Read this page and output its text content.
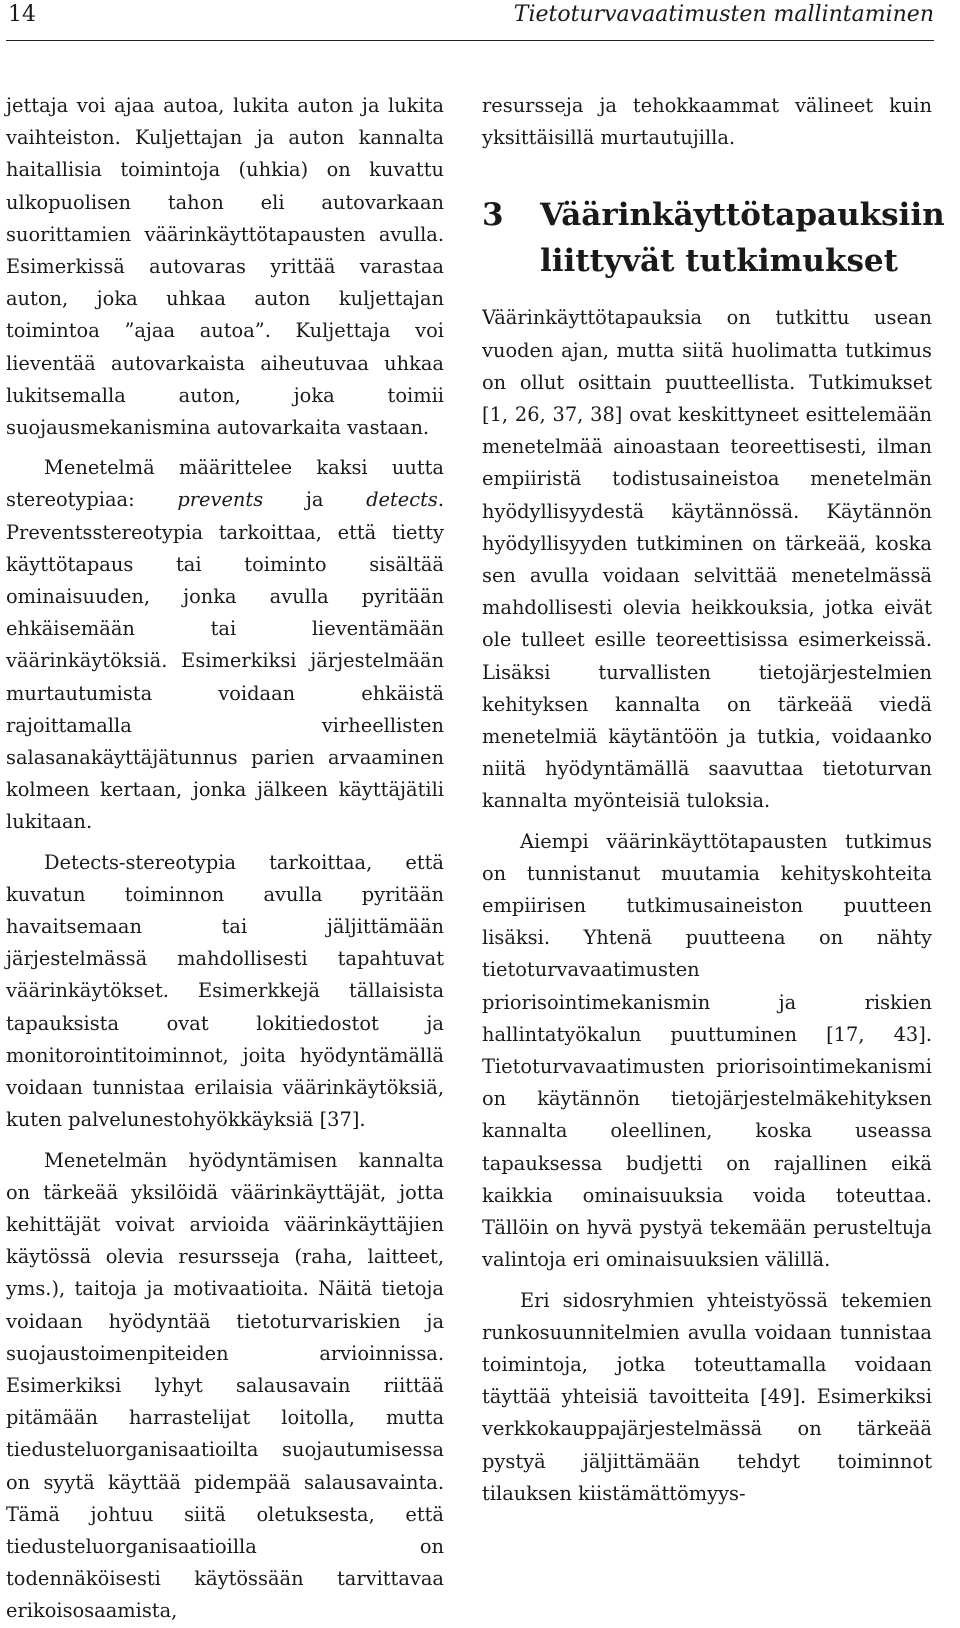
14	Tietoturvavaatimusten mallintaminen

jettaja voi ajaa autoa, lukita auton ja lukita vaihteiston. Kuljettajan ja auton kannalta haitallisia toimintoja (uhkia) on kuvattu ulkopuolisen tahon eli autovarkaan suorittamien väärinkäyttötapausten avulla. Esimerkissä autovaras yrittää varastaa auton, joka uhkaa auton kuljettajan toimintoa ”ajaa autoa”. Kuljettaja voi lieventää autovarkaista aiheutuvaa uhkaa lukitsemalla auton, joka toimii suojausmekanismina autovarkaita vastaan.

Menetelmä määrittelee kaksi uutta stereotypiaa: prevents ja detects. Preventsstereotypia tarkoittaa, että tietty käyttötapaus tai toiminto sisältää ominaisuuden, jonka avulla pyritään ehkäisemään tai lieventämään väärinkäytöksiä. Esimerkiksi järjestelmään murtautumista voidaan ehkäistä rajoittamalla virheellisten salasanakäyttäjätunnus parien arvaaminen kolmeen kertaan, jonka jälkeen käyttäjätili lukitaan.

Detects-stereotypia tarkoittaa, että kuvatun toiminnon avulla pyritään havaitsemaan tai jäljittämään järjestelmässä mahdollisesti tapahtuvat väärinkäytökset. Esimerkkejä tällaisista tapauksista ovat lokitiedostot ja monitorointitoiminnot, joita hyödyntämällä voidaan tunnistaa erilaisia väärinkäytöksiä, kuten palvelunestohyökkäyksiä [37].

Menetelmän hyödyntämisen kannalta on tärkeää yksilöidä väärinkäyttäjät, jotta kehittäjät voivat arvioida väärinkäyttäjien käytössä olevia resursseja (raha, laitteet, yms.), taitoja ja motivaatioita. Näitä tietoja voidaan hyödyntää tietoturvariskien ja suojaustoimenpiteiden arvioinnissa. Esimerkiksi lyhyt salausavain riittää pitämään harrastelijat loitolla, mutta tiedusteluorganisaatioilta suojautumisessa on syytä käyttää pidempää salausavainta. Tämä johtuu siitä oletuksesta, että tiedusteluorganisaatioilla on todennäköisesti käytössään tarvittavaa erikoisosaamista,

resursseja ja tehokkaammat välineet kuin yksittäisillä murtautujilla.

3	Väärinkäyttötapauksiin liittyvät tutkimukset

Väärinkäyttötapauksia on tutkittu usean vuoden ajan, mutta siitä huolimatta tutkimus on ollut osittain puutteellista. Tutkimukset [1, 26, 37, 38] ovat keskittyneet esittelemään menetelmää ainoastaan teoreettisesti, ilman empiiristä todistusaineistoa menetelmän hyödyllisyydestä käytännössä. Käytännön hyödyllisyyden tutkiminen on tärkeää, koska sen avulla voidaan selvittää menetelmässä mahdollisesti olevia heikkouksia, jotka eivät ole tulleet esille teoreettisissa esimerkeissä. Lisäksi turvallisten tietojärjestelmien kehityksen kannalta on tärkeää viedä menetelmiä käytäntöön ja tutkia, voidaanko niitä hyödyntämällä saavuttaa tietoturvan kannalta myönteisiä tuloksia.

Aiempi väärinkäyttötapausten tutkimus on tunnistanut muutamia kehityskohteita empiirisen tutkimusaineiston puutteen lisäksi. Yhtenä puutteena on nähty tietoturvavaatimusten priorisointimekanismin ja riskien hallintatyökalun puuttuminen [17, 43]. Tietoturvavaatimusten priorisointimekanismi on käytännön tietojärjestelmäkehityksen kannalta oleellinen, koska useassa tapauksessa budjetti on rajallinen eikä kaikkia ominaisuuksia voida toteuttaa. Tällöin on hyvä pystyä tekemään perusteltuja valintoja eri ominaisuuksien välillä.

Eri sidosryhmien yhteistyössä tekemien runkosuunnitelmien avulla voidaan tunnistaa toimintoja, jotka toteuttamalla voidaan täyttää yhteisiä tavoitteita [49]. Esimerkiksi verkkokauppajärjestelmässä on tärkeää pystyä jäljittämään tehdyt toiminnot tilauksen kiistämättömyys-
